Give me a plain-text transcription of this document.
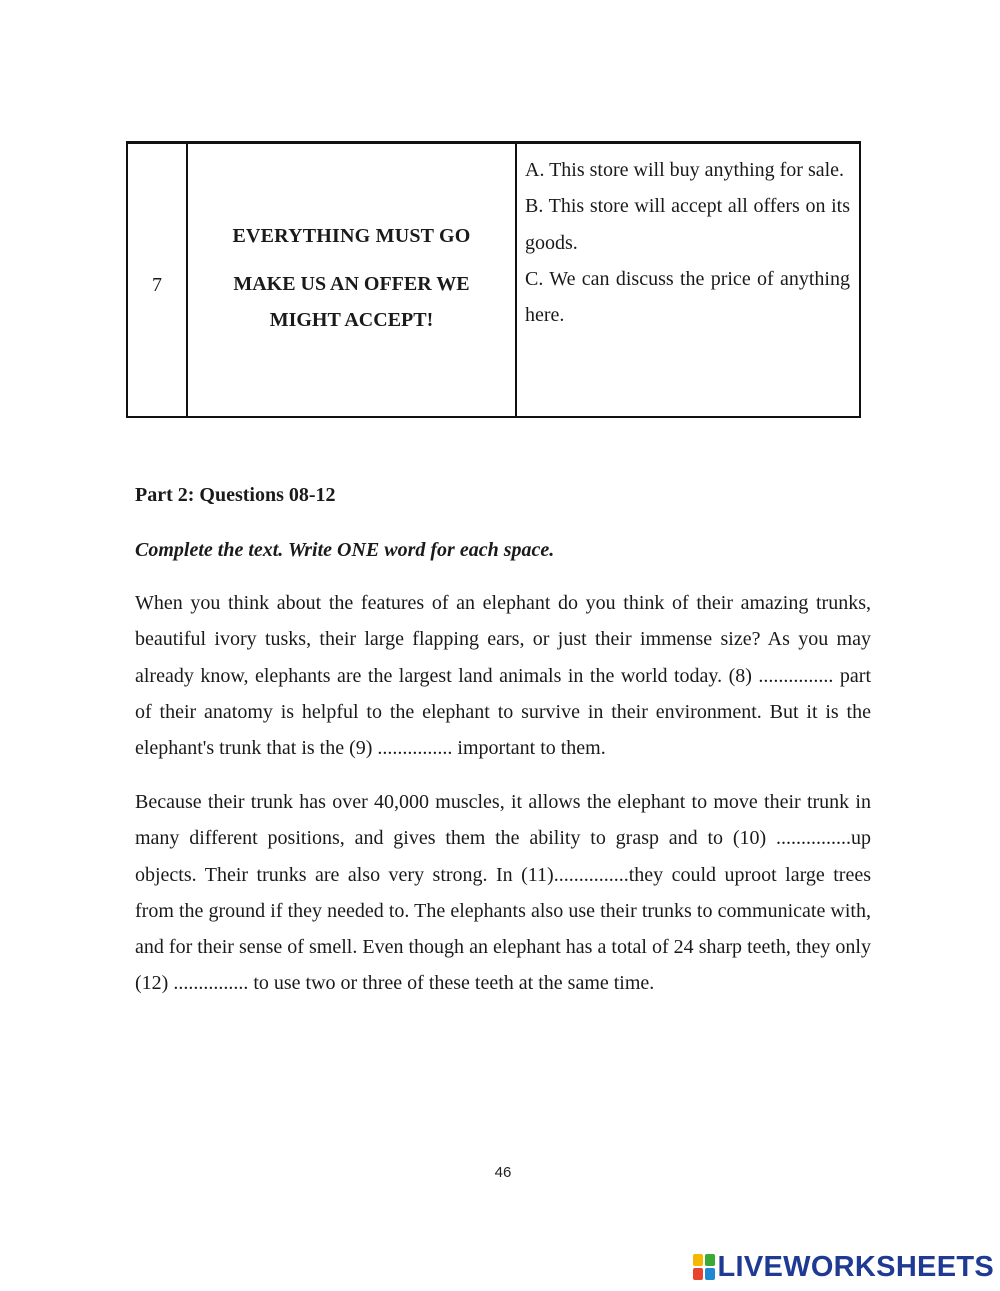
7
EVERYTHING MUST GO
MAKE US AN OFFER WE MIGHT ACCEPT!

A. This store will buy anything for sale.

B. This store will accept all offers on its goods.

C. We can discuss the price of anything here.

Part 2: Questions 08-12

Complete the text. Write ONE word for each space.

When you think about the features of an elephant do you think of their amazing trunks, beautiful ivory tusks, their large flapping ears, or just their immense size? As you may already know, elephants are the largest land animals in the world today. (8) ............... part of their anatomy is helpful to the elephant to survive in their environment. But it is the elephant's trunk that is the (9) ............... important to them.

Because their trunk has over 40,000 muscles, it allows the elephant to move their trunk in many different positions, and gives them the ability to grasp and to (10) ...............up objects. Their trunks are also very strong. In (11)...............they could uproot large trees from the ground if they needed to. The elephants also use their trunks to communicate with, and for their sense of smell. Even though an elephant has a total of 24 sharp teeth, they only (12) ............... to use two or three of these teeth at the same time.

46
LIVEWORKSHEETS
